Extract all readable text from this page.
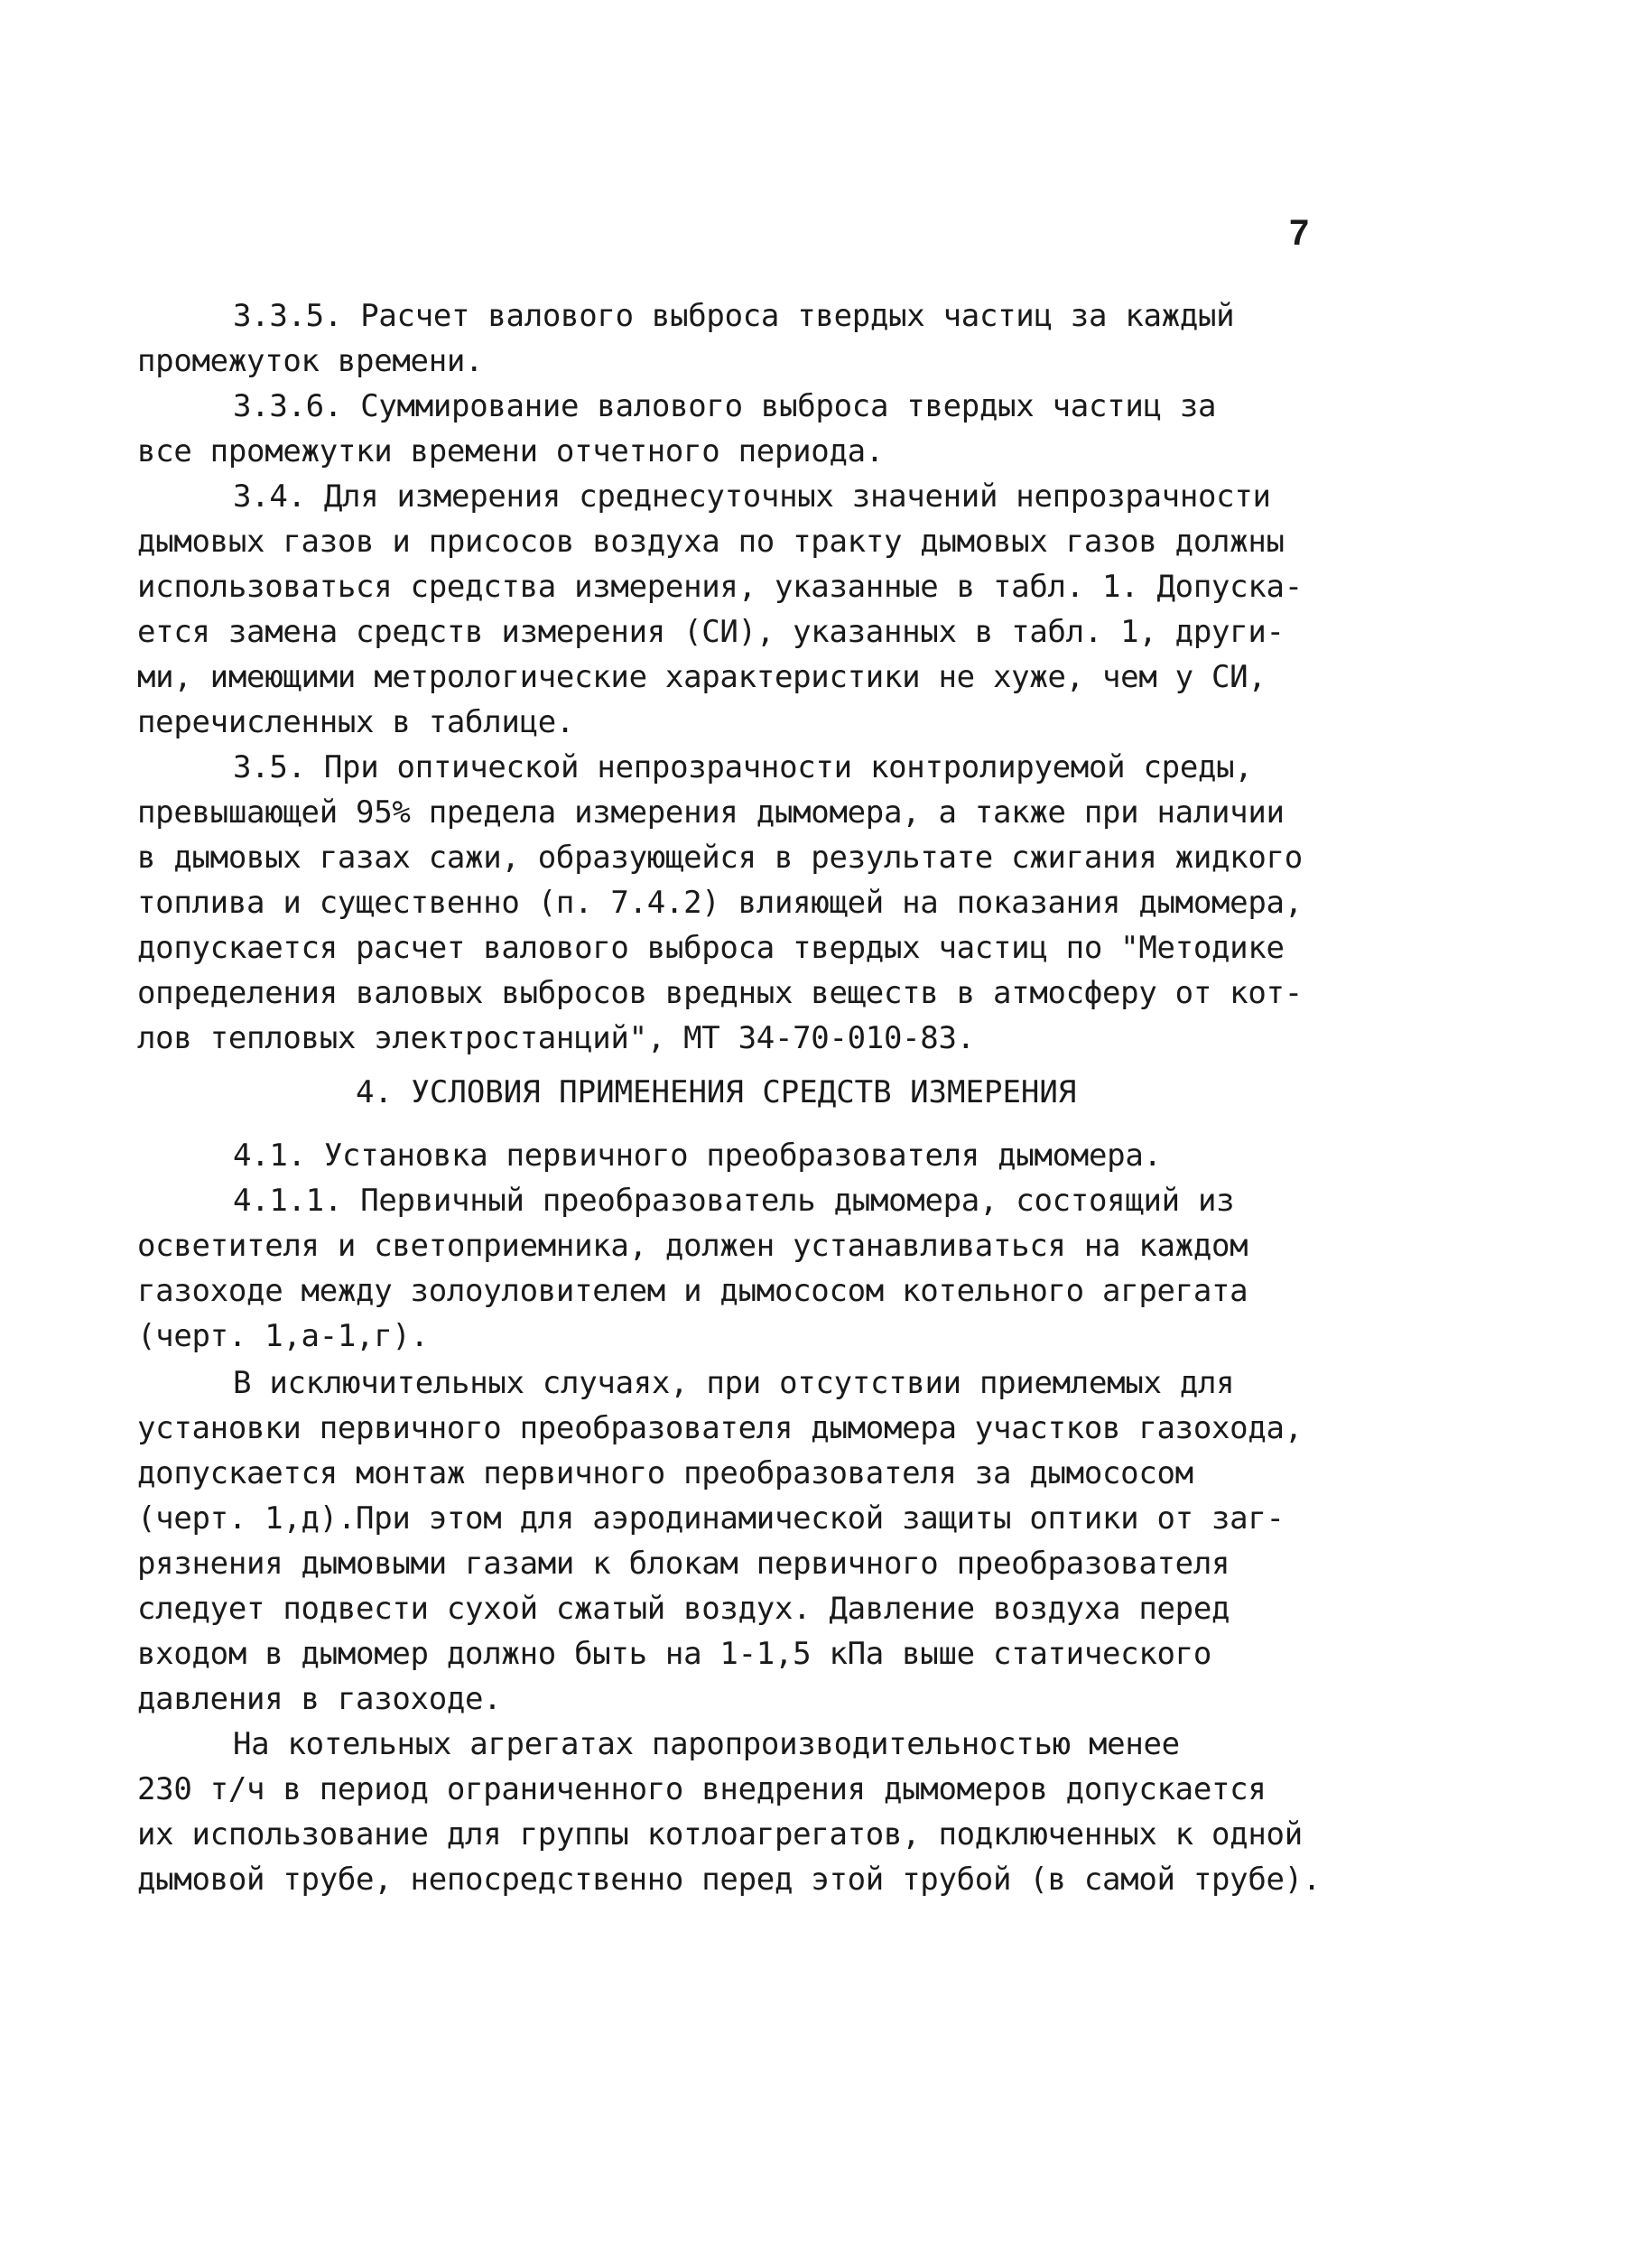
7
3.3.5. Расчет валового выброса твердых частиц за каждый
промежуток времени.
3.3.6. Суммирование валового выброса твердых частиц за
все промежутки времени отчетного периода.
3.4. Для измерения среднесуточных значений непрозрачности
дымовых газов и присосов воздуха по тракту дымовых газов должны
использоваться средства измерения, указанные в табл. 1. Допуска-
ется замена средств измерения (СИ), указанных в табл. 1, други-
ми, имеющими метрологические характеристики не хуже, чем у СИ,
перечисленных в таблице.
3.5. При оптической непрозрачности контролируемой среды,
превышающей 95% предела измерения дымомера, а также при наличии
в дымовых газах сажи, образующейся в результате сжигания жидкого
топлива и существенно (п. 7.4.2) влияющей на показания дымомера,
допускается расчет валового выброса твердых частиц по "Методике
определения валовых выбросов вредных веществ в атмосферу от кот-
лов тепловых электростанций", МТ 34-70-010-83.
4. УСЛОВИЯ ПРИМЕНЕНИЯ СРЕДСТВ ИЗМЕРЕНИЯ
4.1. Установка первичного преобразователя дымомера.
4.1.1. Первичный преобразователь дымомера, состоящий из
осветителя и светоприемника, должен устанавливаться на каждом
газоходе между золоуловителем и дымососом котельного агрегата
(черт. 1,а-1,г).
В исключительных случаях, при отсутствии приемлемых для
установки первичного преобразователя дымомера участков газохода,
допускается монтаж первичного преобразователя за дымососом
(черт. 1,д).При этом для аэродинамической защиты оптики от заг-
рязнения дымовыми газами к блокам первичного преобразователя
следует подвести сухой сжатый воздух. Давление воздуха перед
входом в дымомер должно быть на 1-1,5 кПа выше статического
давления в газоходе.
На котельных агрегатах паропроизводительностью менее
230 т/ч в период ограниченного внедрения дымомеров допускается
их использование для группы котлоагрегатов, подключенных к одной
дымовой трубе, непосредственно перед этой трубой (в самой трубе).
